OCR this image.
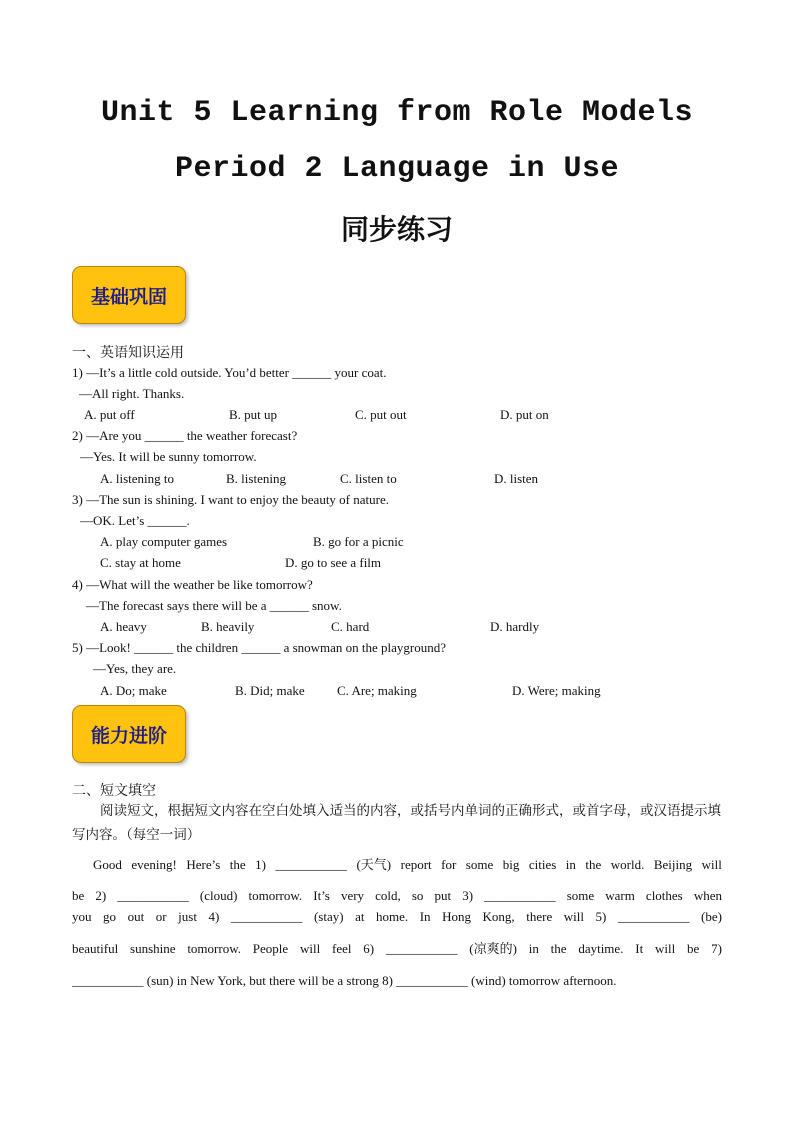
Unit 5 Learning from Role Models
Period 2 Language in Use
同步练习
基础巩固
一、英语知识运用
1) —It’s a little cold outside. You’d better ______ your coat.
—All right. Thanks.
A. put off	B. put up	C. put out	D. put on
2) —Are you ______ the weather forecast?
—Yes. It will be sunny tomorrow.
A. listening to	B. listening	C. listen to	D. listen
3) —The sun is shining. I want to enjoy the beauty of nature.
—OK. Let’s ______.
A. play computer games	B. go for a picnic
C. stay at home	D. go to see a film
4) —What will the weather be like tomorrow?
—The forecast says there will be a ______ snow.
A. heavy	B. heavily	C. hard	D. hardly
5) —Look! ______ the children ______ a snowman on the playground?
—Yes, they are.
A. Do; make	B. Did; make C. Are; making	D. Were; making
能力进阶
二、短文填空

阅读短文，根据短文内容在空白处填入适当的内容，或括号内单词的正确形式，或首字母，或汉语提示填写内容。（每空一词）

Good evening! Here’s the 1) ___________ (天气) report for some big cities in the world. Beijing will
be 2) ___________ (cloud) tomorrow. It’s very cold, so put 3) ___________ some warm clothes when
you go out or just 4) ___________ (stay) at home. In Hong Kong, there will 5) ___________ (be)
beautiful sunshine tomorrow. People will feel 6) ___________ (凉爽的) in the daytime. It will be 7)
___________ (sun) in New York, but there will be a strong 8) ___________ (wind) tomorrow afternoon.
